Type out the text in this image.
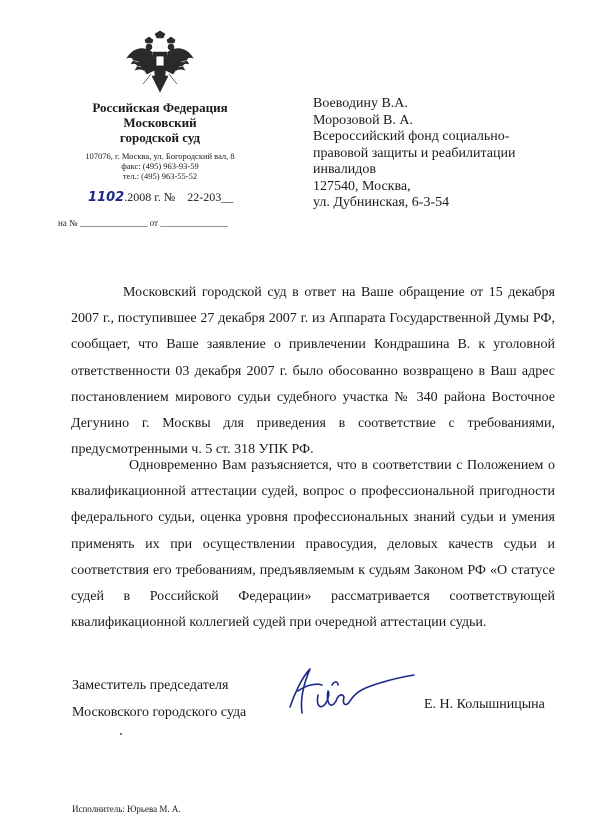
Российская Федерация
Московский
городской суд
107076, г. Москва, ул. Богородский вал, 8
факс: (495) 963-93-59
тел.: (495) 963-55-52
1102.2008 г. № 22-203__
на № _______________ от _______________
Воеводину В.А.
Морозовой В. А.
Всероссийский фонд социально-
правовой защиты и реабилитации
инвалидов
127540, Москва,
ул. Дубнинская, 6-3-54
Московский городской суд в ответ на Ваше обращение от 15 декабря 2007 г., поступившее 27 декабря 2007 г. из Аппарата Государственной Думы РФ, сообщает, что Ваше заявление о привлечении Кондрашина В. к уголовной ответственности 03 декабря 2007 г. было обосованно возвращено в Ваш адрес постановлением мирового судьи судебного участка № 340 района Восточное Дегунино г. Москвы для приведения в соответствие с требованиями, предусмотренными ч. 5 ст. 318 УПК РФ.
Одновременно Вам разъясняется, что в соответствии с Положением о квалификационной аттестации судей, вопрос о профессиональной пригодности федерального судьи, оценка уровня профессиональных знаний судьи и умения применять их при осуществлении правосудия, деловых качеств судьи и соответствия его требованиям, предъявляемым к судьям Законом РФ «О статусе судей в Российской Федерации» рассматривается соответствующей квалификационной коллегией судей при очередной аттестации судьи.
Заместитель председателя
Московского городского суда
Е. Н. Колышницына
Исполнитель: Юрьева М. А.
